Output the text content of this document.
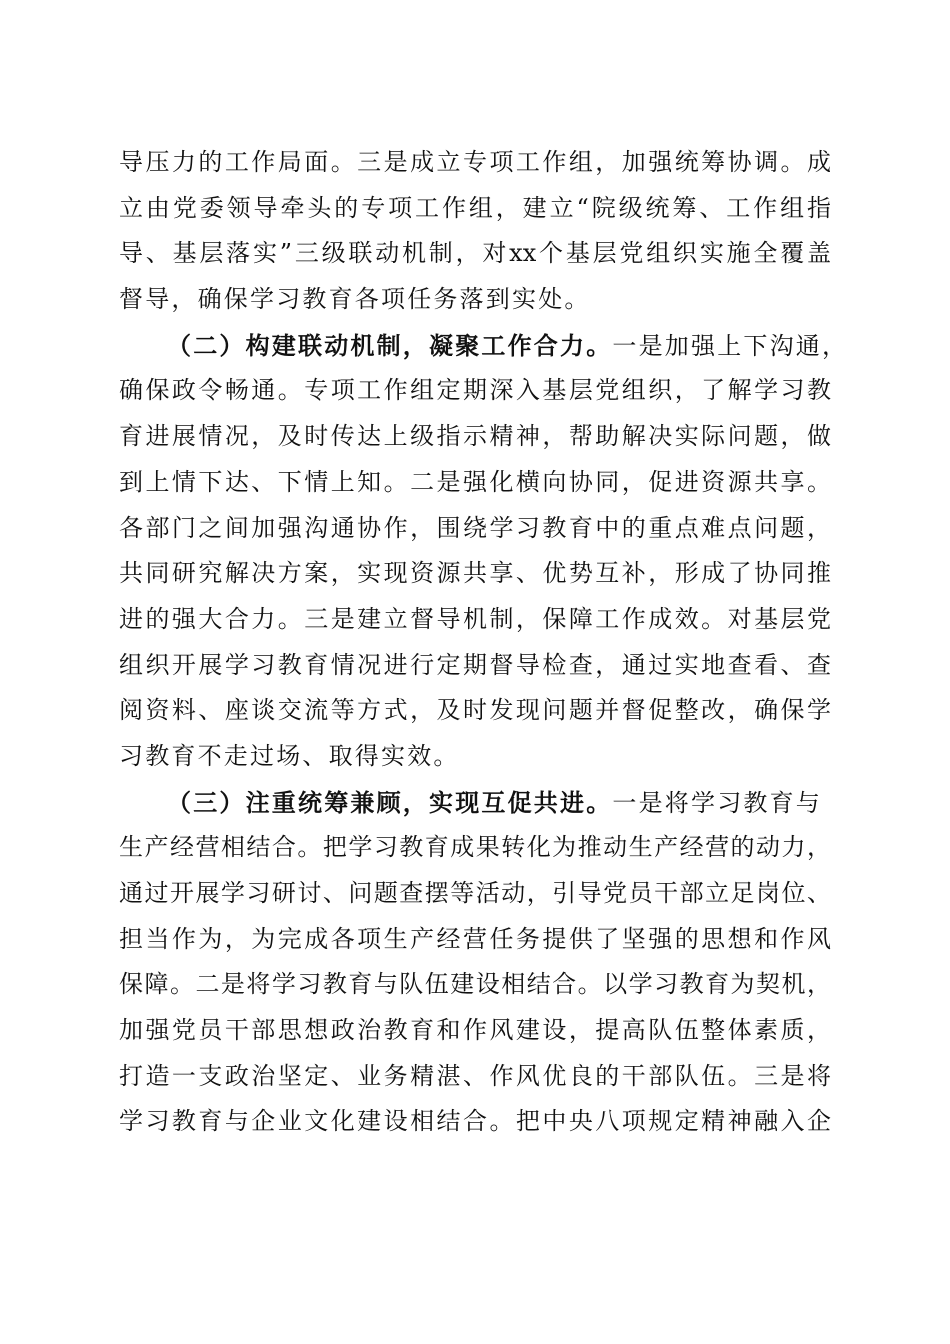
导压力的工作局面。三是成立专项工作组，加强统筹协调。成
立由党委领导牵头的专项工作组，建立“院级统筹、工作组指
导、基层落实”三级联动机制，对xx个基层党组织实施全覆盖
督导，确保学习教育各项任务落到实处。
（二）构建联动机制，凝聚工作合力。一是加强上下沟通，
确保政令畅通。专项工作组定期深入基层党组织，了解学习教
育进展情况，及时传达上级指示精神，帮助解决实际问题，做
到上情下达、下情上知。二是强化横向协同，促进资源共享。
各部门之间加强沟通协作，围绕学习教育中的重点难点问题，
共同研究解决方案，实现资源共享、优势互补，形成了协同推
进的强大合力。三是建立督导机制，保障工作成效。对基层党
组织开展学习教育情况进行定期督导检查，通过实地查看、查
阅资料、座谈交流等方式，及时发现问题并督促整改，确保学
习教育不走过场、取得实效。
（三）注重统筹兼顾，实现互促共进。一是将学习教育与
生产经营相结合。把学习教育成果转化为推动生产经营的动力，
通过开展学习研讨、问题查摆等活动，引导党员干部立足岗位、
担当作为，为完成各项生产经营任务提供了坚强的思想和作风
保障。二是将学习教育与队伍建设相结合。以学习教育为契机，
加强党员干部思想政治教育和作风建设，提高队伍整体素质，
打造一支政治坚定、业务精湛、作风优良的干部队伍。三是将
学习教育与企业文化建设相结合。把中央八项规定精神融入企
